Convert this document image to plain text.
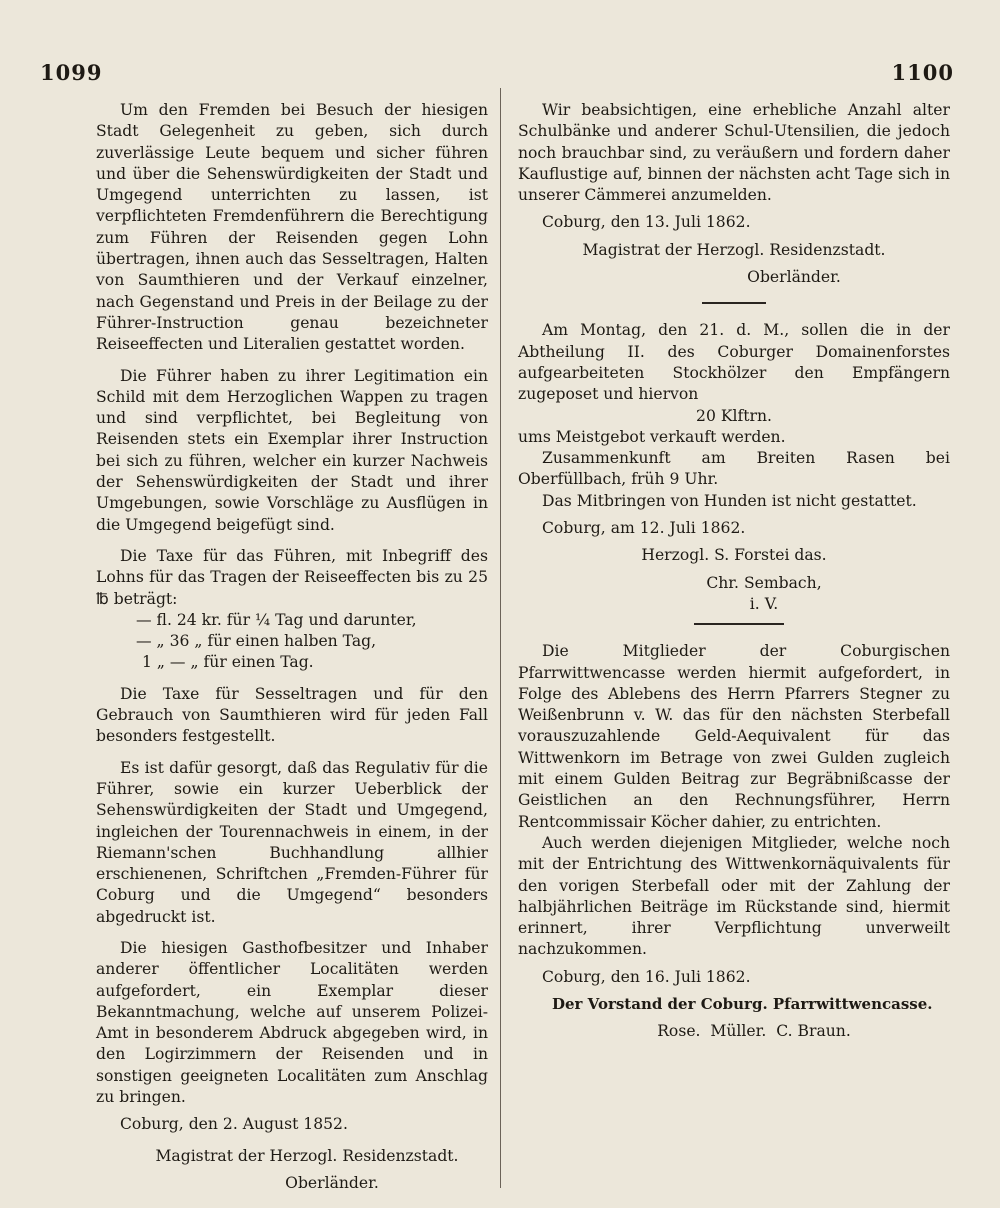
1099	1100

Um den Fremden bei Besuch der hiesigen Stadt Gelegenheit zu geben, sich durch zuverlässige Leute bequem und sicher führen und über die Sehenswürdigkeiten der Stadt und Umgegend unterrichten zu lassen, ist verpflichteten Fremdenführern die Berechtigung zum Führen der Reisenden gegen Lohn übertragen, ihnen auch das Sesseltragen, Halten von Saumthieren und der Verkauf einzelner, nach Gegenstand und Preis in der Beilage zu der Führer-Instruction genau bezeichneter Reiseeffecten und Literalien gestattet worden.

Die Führer haben zu ihrer Legitimation ein Schild mit dem Herzoglichen Wappen zu tragen und sind verpflichtet, bei Begleitung von Reisenden stets ein Exemplar ihrer Instruction bei sich zu führen, welcher ein kurzer Nachweis der Sehenswürdigkeiten der Stadt und ihrer Umgebungen, sowie Vorschläge zu Ausflügen in die Umgegend beigefügt sind.

Die Taxe für das Führen, mit Inbegriff des Lohns für das Tragen der Reiseeffecten bis zu 25 ℔ beträgt:

— fl. 24 kr. für ¼ Tag und darunter,
— „ 36 „ für einen halben Tag,
1 „ — „ für einen Tag.

Die Taxe für Sesseltragen und für den Gebrauch von Saumthieren wird für jeden Fall besonders festgestellt.

Es ist dafür gesorgt, daß das Regulativ für die Führer, sowie ein kurzer Ueberblick der Sehenswürdigkeiten der Stadt und Umgegend, ingleichen der Tourennachweis in einem, in der Riemann'schen Buchhandlung allhier erschienenen, Schriftchen „Fremden-Führer für Coburg und die Umgegend“ besonders abgedruckt ist.

Die hiesigen Gasthofbesitzer und Inhaber anderer öffentlicher Localitäten werden aufgefordert, ein Exemplar dieser Bekanntmachung, welche auf unserem Polizei-Amt in besonderem Abdruck abgegeben wird, in den Logirzimmern der Reisenden und in sonstigen geeigneten Localitäten zum Anschlag zu bringen.

Coburg, den 2. August 1852.

Magistrat der Herzogl. Residenzstadt.
Oberländer.

Wir beabsichtigen, eine erhebliche Anzahl alter Schulbänke und anderer Schul-Utensilien, die jedoch noch brauchbar sind, zu veräußern und fordern daher Kauflustige auf, binnen der nächsten acht Tage sich in unserer Cämmerei anzumelden.

Coburg, den 13. Juli 1862.

Magistrat der Herzogl. Residenzstadt.
Oberländer.

Am Montag, den 21. d. M., sollen die in der Abtheilung II. des Coburger Domainenforstes aufgearbeiteten Stockhölzer den Empfängern zugeposet und hiervon

20 Klftrn.
ums Meistgebot verkauft werden.

Zusammenkunft am Breiten Rasen bei Oberfüllbach, früh 9 Uhr.

Das Mitbringen von Hunden ist nicht gestattet.

Coburg, am 12. Juli 1862.

Herzogl. S. Forstei das.
Chr. Sembach,
i. V.

Die Mitglieder der Coburgischen Pfarrwittwencasse werden hiermit aufgefordert, in Folge des Ablebens des Herrn Pfarrers Stegner zu Weißenbrunn v. W. das für den nächsten Sterbefall vorauszuzahlende Geld-Aequivalent für das Wittwenkorn im Betrage von zwei Gulden zugleich mit einem Gulden Beitrag zur Begräbnißcasse der Geistlichen an den Rechnungsführer, Herrn Rentcommissair Köcher dahier, zu entrichten.

Auch werden diejenigen Mitglieder, welche noch mit der Entrichtung des Wittwenkornäquivalents für den vorigen Sterbefall oder mit der Zahlung der halbjährlichen Beiträge im Rückstande sind, hiermit erinnert, ihrer Verpflichtung unverweilt nachzukommen.

Coburg, den 16. Juli 1862.

Der Vorstand der Coburg. Pfarrwittwencasse.
Rose.  Müller.  C. Braun.
